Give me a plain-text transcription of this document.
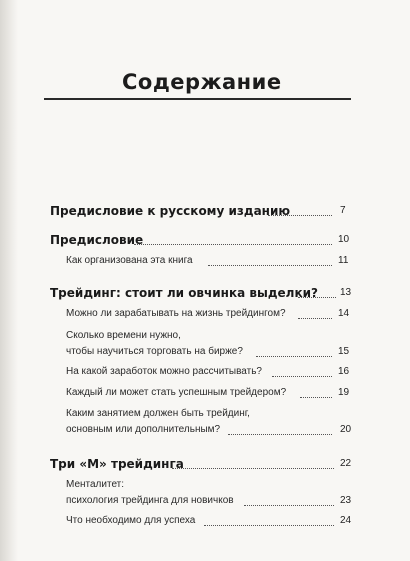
Содержание
Предисловие к русскому изданию	7
Предисловие	10
Как организована эта книга	11
Трейдинг: стоит ли овчинка выделки? 13
Можно ли зарабатывать на жизнь трейдингом?	14
Сколько времени нужно,
чтобы научиться торговать на бирже?	15
На какой заработок можно рассчитывать?	16
Каждый ли может стать успешным трейдером?	19
Каким занятием должен быть трейдинг,
основным или дополнительным?	20
Три «М» трейдинга	22
Менталитет:
психология трейдинга для новичков	23
Что необходимо для успеха	24
